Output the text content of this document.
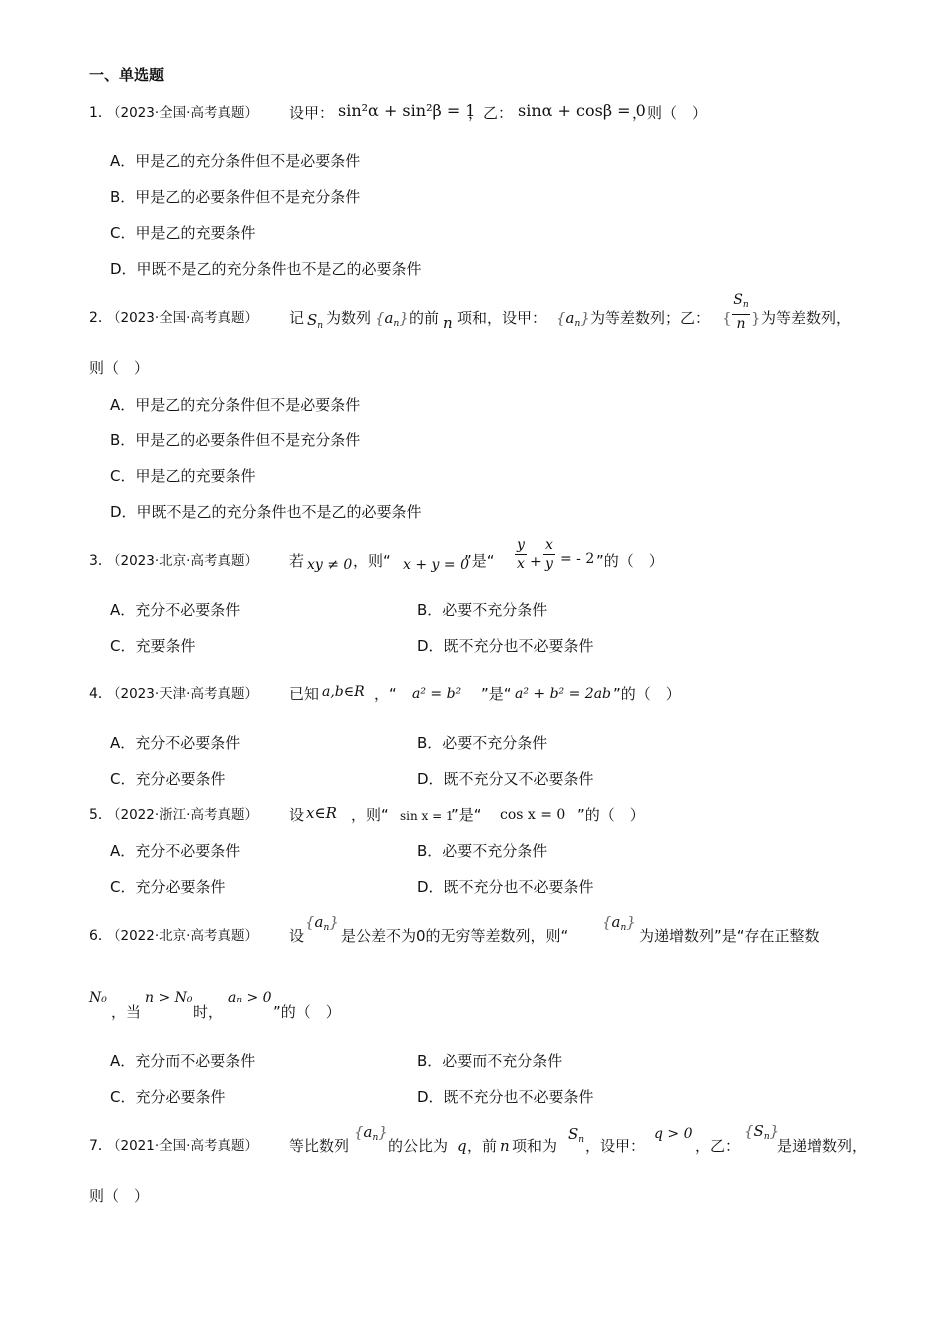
一、单选题
1．
（2023·全国·高考真题） 设甲： sin²α + sin²β = 1
，乙： sinα + cosβ = 0
，则（　）
A．甲是乙的充分条件但不是必要条件
B．甲是乙的必要条件但不是充分条件
C．甲是乙的充要条件
D．甲既不是乙的充分条件也不是乙的必要条件
2．
（2023·全国·高考真题） 记 $S_n$ 为数列 $\{a_n\}$ 的前 n 项和，设甲： $\{a_n\}$ 为等差数列；乙： {
$S_n$
n } 为等差数列，
则（　）
A．甲是乙的充分条件但不是必要条件
B．甲是乙的必要条件但不是充分条件
C．甲是乙的充要条件
D．甲既不是乙的充分条件也不是乙的必要条件
3．
（2023·北京·高考真题） 若 xy ≠ 0 ，则“ x + y = 0
”是“
y
x +
x
y = - 2 ”的（　）
A．充分不必要条件	B．必要不充分条件
C．充要条件	D．既不充分也不必要条件
4．
（2023·天津·高考真题） 已知 a,b∈R ，“ a² = b² ”是“ a² + b² = 2ab ”的（　）
A．充分不必要条件	B．必要不充分条件
C．充分必要条件	D．既不充分又不必要条件
5．
（2022·浙江·高考真题） 设 x∈R ，则“ sin x = 1
”是“ cos x = 0 ”的（　）
A．充分不必要条件	B．必要不充分条件
C．充分必要条件	D．既不充分也不必要条件
6．
（2022·北京·高考真题） 设
$\{a_n\}$
是公差不为0的无穷等差数列，则“
$\{a_n\}$
为递增数列”是“存在正整数
N₀
，当
n > N₀
时，
aₙ > 0
”的（　）
A．充分而不必要条件	B．必要而不充分条件
C．充分必要条件	D．既不充分也不必要条件
7．
（2021·全国·高考真题） 等比数列
$\{a_n\}$
的公比为 q ，前 n 项和为
$S_n$ ，设甲：
q > 0
，乙：
$\{S_n\}$
是递增数列，
则（　）
